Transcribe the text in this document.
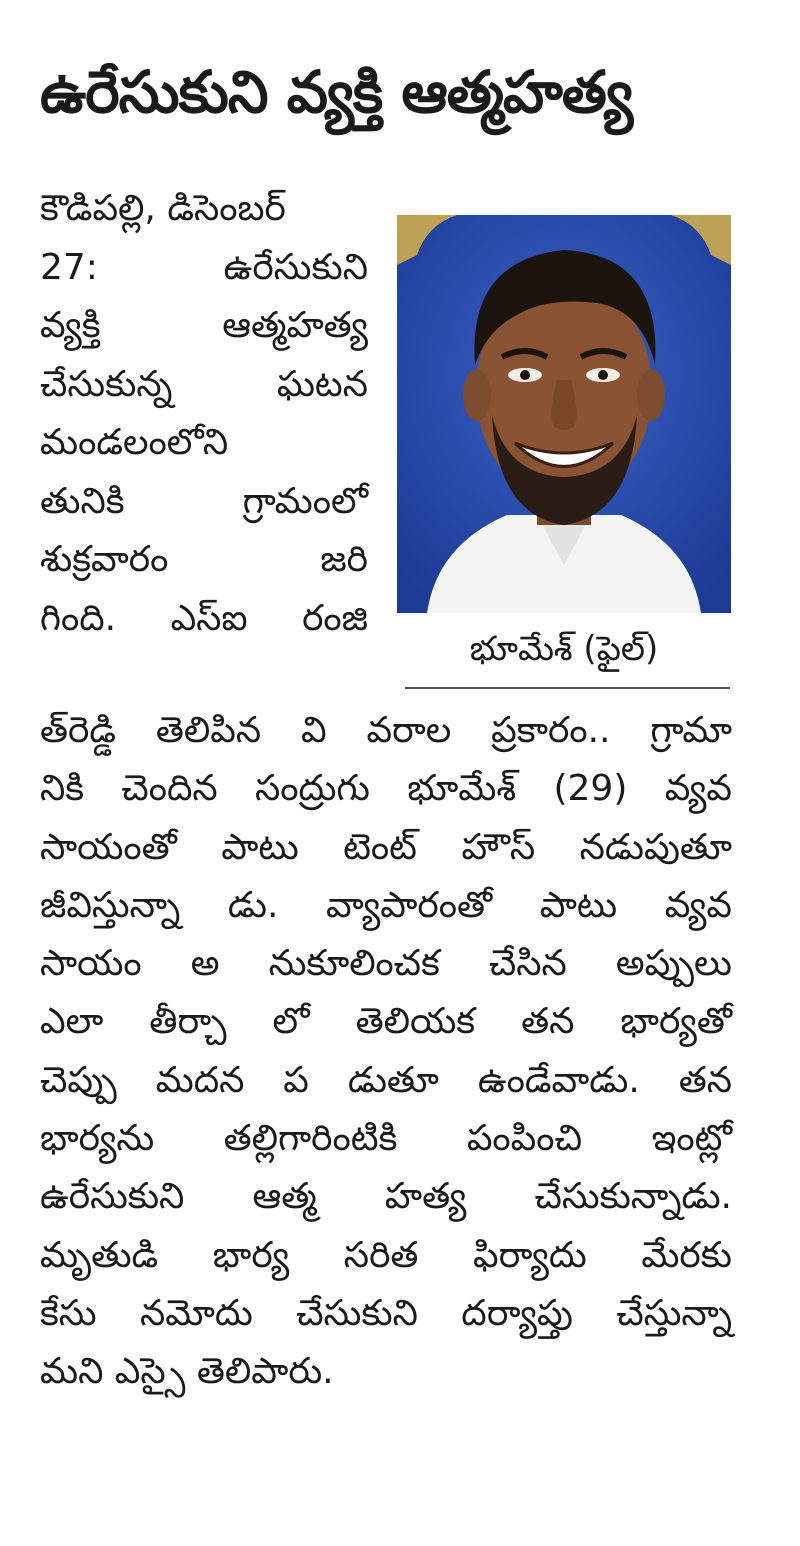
ఉరేసుకుని వ్యక్తి ఆత్మహత్య
కౌడిపల్లి, డిసెంబర్
27: ఉరేసుకుని
వ్యక్తి ఆత్మహత్య
చేసుకున్న ఘటన
మండలంలోని
తునికి గ్రామంలో
శుక్రవారం జరి
గింది. ఎస్ఐ రంజి
భూమేశ్ (ఫైల్)
త్‌రెడ్డి తెలిపిన వి వరాల ప్రకారం.. గ్రామా
నికి చెందిన సంద్రుగు భూమేశ్ (29) వ్యవ
సాయంతో పాటు టెంట్ హౌస్ నడుపుతూ
జీవిస్తున్నా డు. వ్యాపారంతో పాటు వ్యవ
సాయం అ నుకూలించక చేసిన అప్పులు
ఎలా తీర్చా లో తెలియక తన భార్యతో
చెప్పు మదన ప డుతూ ఉండేవాడు. తన
భార్యను తల్లిగారింటికి పంపించి ఇంట్లో
ఉరేసుకుని ఆత్మ హత్య చేసుకున్నాడు.
మృతుడి భార్య సరిత ఫిర్యాదు మేరకు
కేసు నమోదు చేసుకుని దర్యాప్తు చేస్తున్నా
మని ఎస్సై తెలిపారు.
